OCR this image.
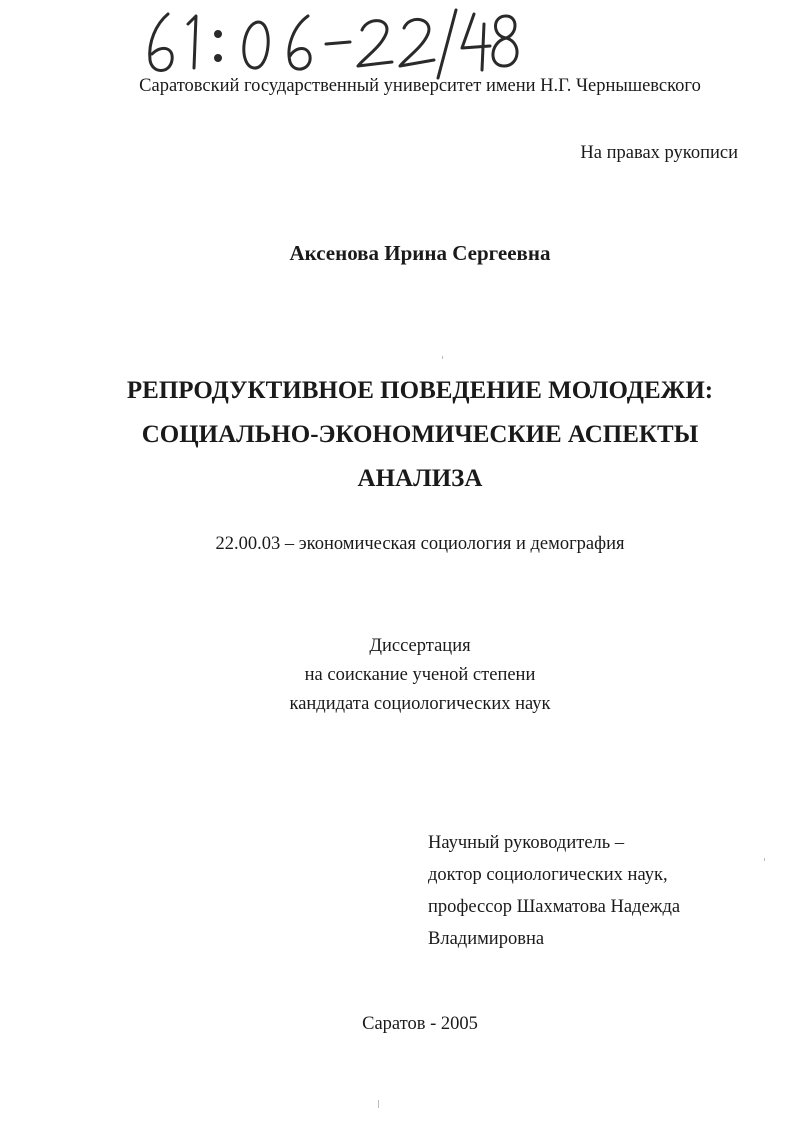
Саратовский государственный университет имени Н.Г. Чернышевского
На правах рукописи
Аксенова Ирина Сергеевна
РЕПРОДУКТИВНОЕ ПОВЕДЕНИЕ МОЛОДЕЖИ:
СОЦИАЛЬНО-ЭКОНОМИЧЕСКИЕ АСПЕКТЫ
АНАЛИЗА
22.00.03 – экономическая социология и демография
Диссертация
на соискание ученой степени
кандидата социологических наук
Научный руководитель –
доктор социологических наук,
профессор Шахматова Надежда
Владимировна
Саратов - 2005
